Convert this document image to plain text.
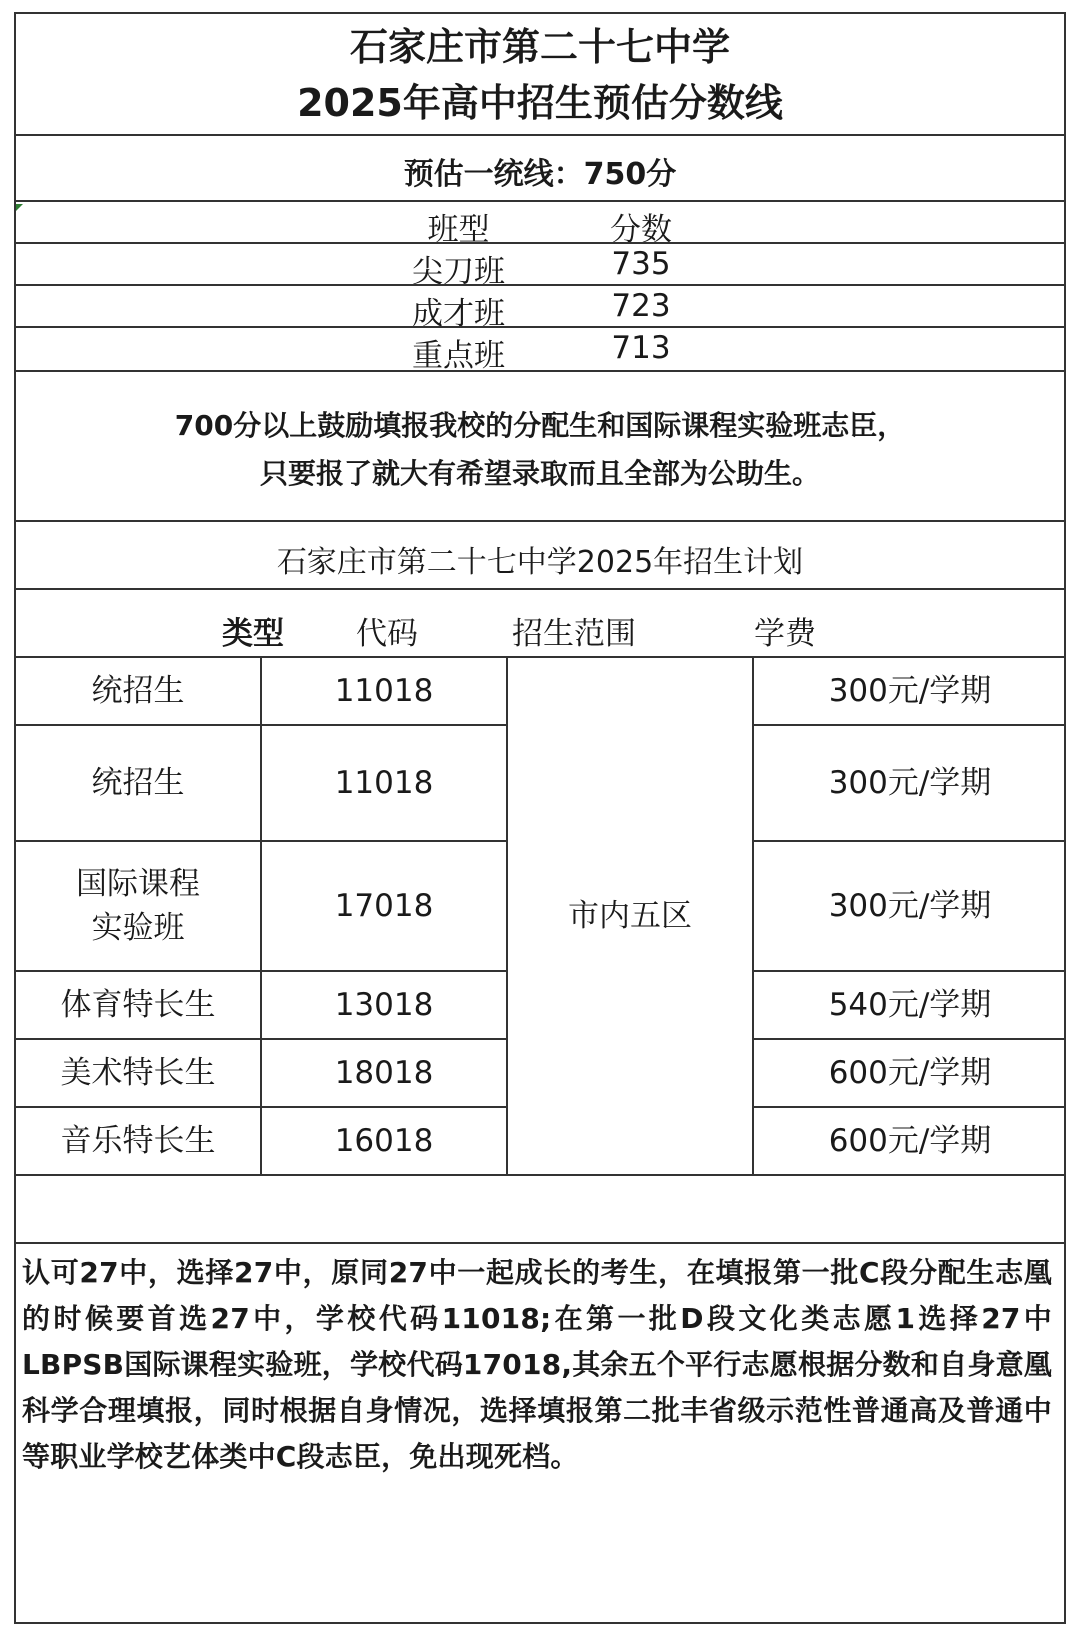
石家庄市第二十七中学
2025年高中招生预估分数线
预估一统线：750分
班型	分数
尖刀班	735
成才班	723
重点班	713
700分以上鼓励填报我校的分配生和国际课程实验班志臣，
只要报了就大有希望录取而且全部为公助生。
石家庄市第二十七中学2025年招生计划
类型 代码	招生范围	学费
统招生	11018	300元/学期
统招生	11018	300元/学期
国际课程
实验班
17018	300元/学期
体育特长生	13018	540元/学期
美术特长生	18018	600元/学期
音乐特长生	16018	600元/学期
市内五区
认可27中，选择27中，原同27中一起成长的考生，在填报第一批C段分配生志凰的时候要首选27中，学校代码11018;在第一批D段文化类志愿1选择27中LBPSB国际课程实验班，学校代码17018,其余五个平行志愿根据分数和自身意凰科学合理填报，同时根据自身情况，选择填报第二批丰省级示范性普通高及普通中等职业学校艺体类中C段志臣，免出现死档。
